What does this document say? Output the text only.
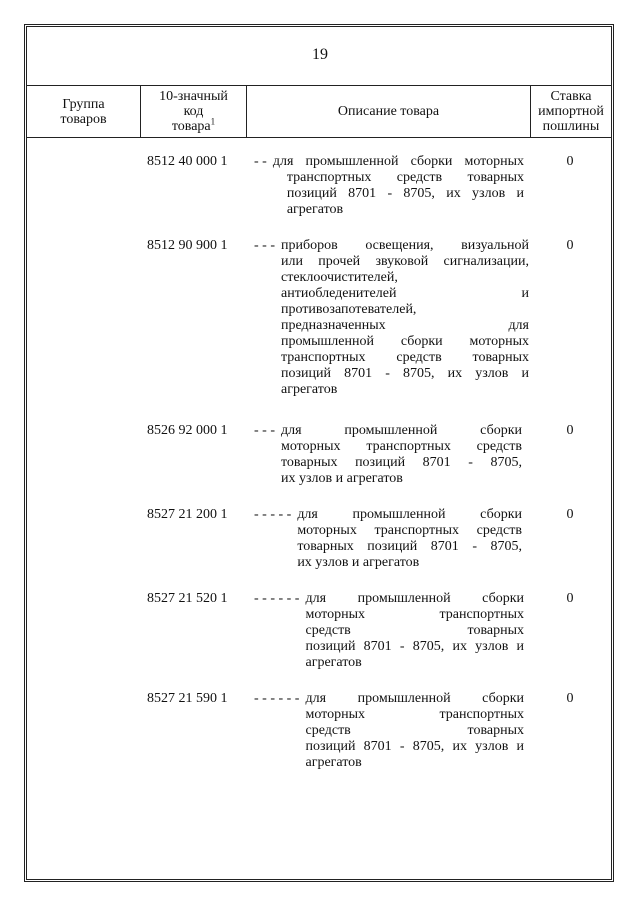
19
Группа
товаров
10-значный
код
товара$^1$
Описание товара
Ставка
импортной
пошлины
8512 40 000 1 - - для промышленной сборки моторных
транспортных средств товарных
позиций 8701 - 8705, их узлов и
агрегатов
0
8512 90 900 1 - - - приборов освещения, визуальной
или прочей звуковой сигнализации,
стеклоочистителей,
антиобледенителей и
противозапотевателей,
предназначенных для
промышленной сборки моторных
транспортных средств товарных
позиций 8701 - 8705, их узлов и
агрегатов
0
8526 92 000 1 - - - для промышленной сборки
моторных транспортных средств
товарных позиций 8701 - 8705,
их узлов и агрегатов
0
8527 21 200 1 - - - - - для промышленной сборки
моторных транспортных средств
товарных позиций 8701 - 8705,
их узлов и агрегатов
0
8527 21 520 1 - - - - - - для промышленной сборки
моторных транспортных
средств товарных
позиций 8701 - 8705, их узлов и
агрегатов
0
8527 21 590 1 - - - - - - для промышленной сборки
моторных транспортных
средств товарных
позиций 8701 - 8705, их узлов и
агрегатов
0
